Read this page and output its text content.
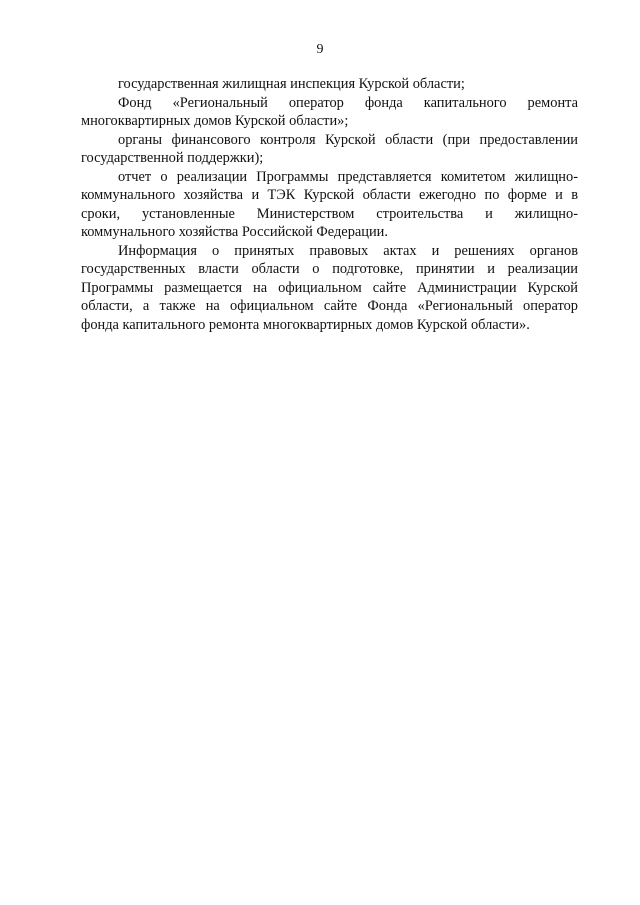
9

государственная жилищная инспекция Курской области;

Фонд «Региональный оператор фонда капитального ремонта
многоквартирных домов Курской области»;

органы финансового контроля Курской области (при предоставлении
государственной поддержки);

отчет о реализации Программы представляется комитетом жилищно-
коммунального хозяйства и ТЭК Курской области ежегодно по форме и в
сроки, установленные Министерством строительства и жилищно-
коммунального хозяйства Российской Федерации.

Информация о принятых правовых актах и решениях органов
государственных власти области о подготовке, принятии и реализации
Программы размещается на официальном сайте Администрации Курской
области, а также на официальном сайте Фонда «Региональный оператор
фонда капитального ремонта многоквартирных домов Курской области».
